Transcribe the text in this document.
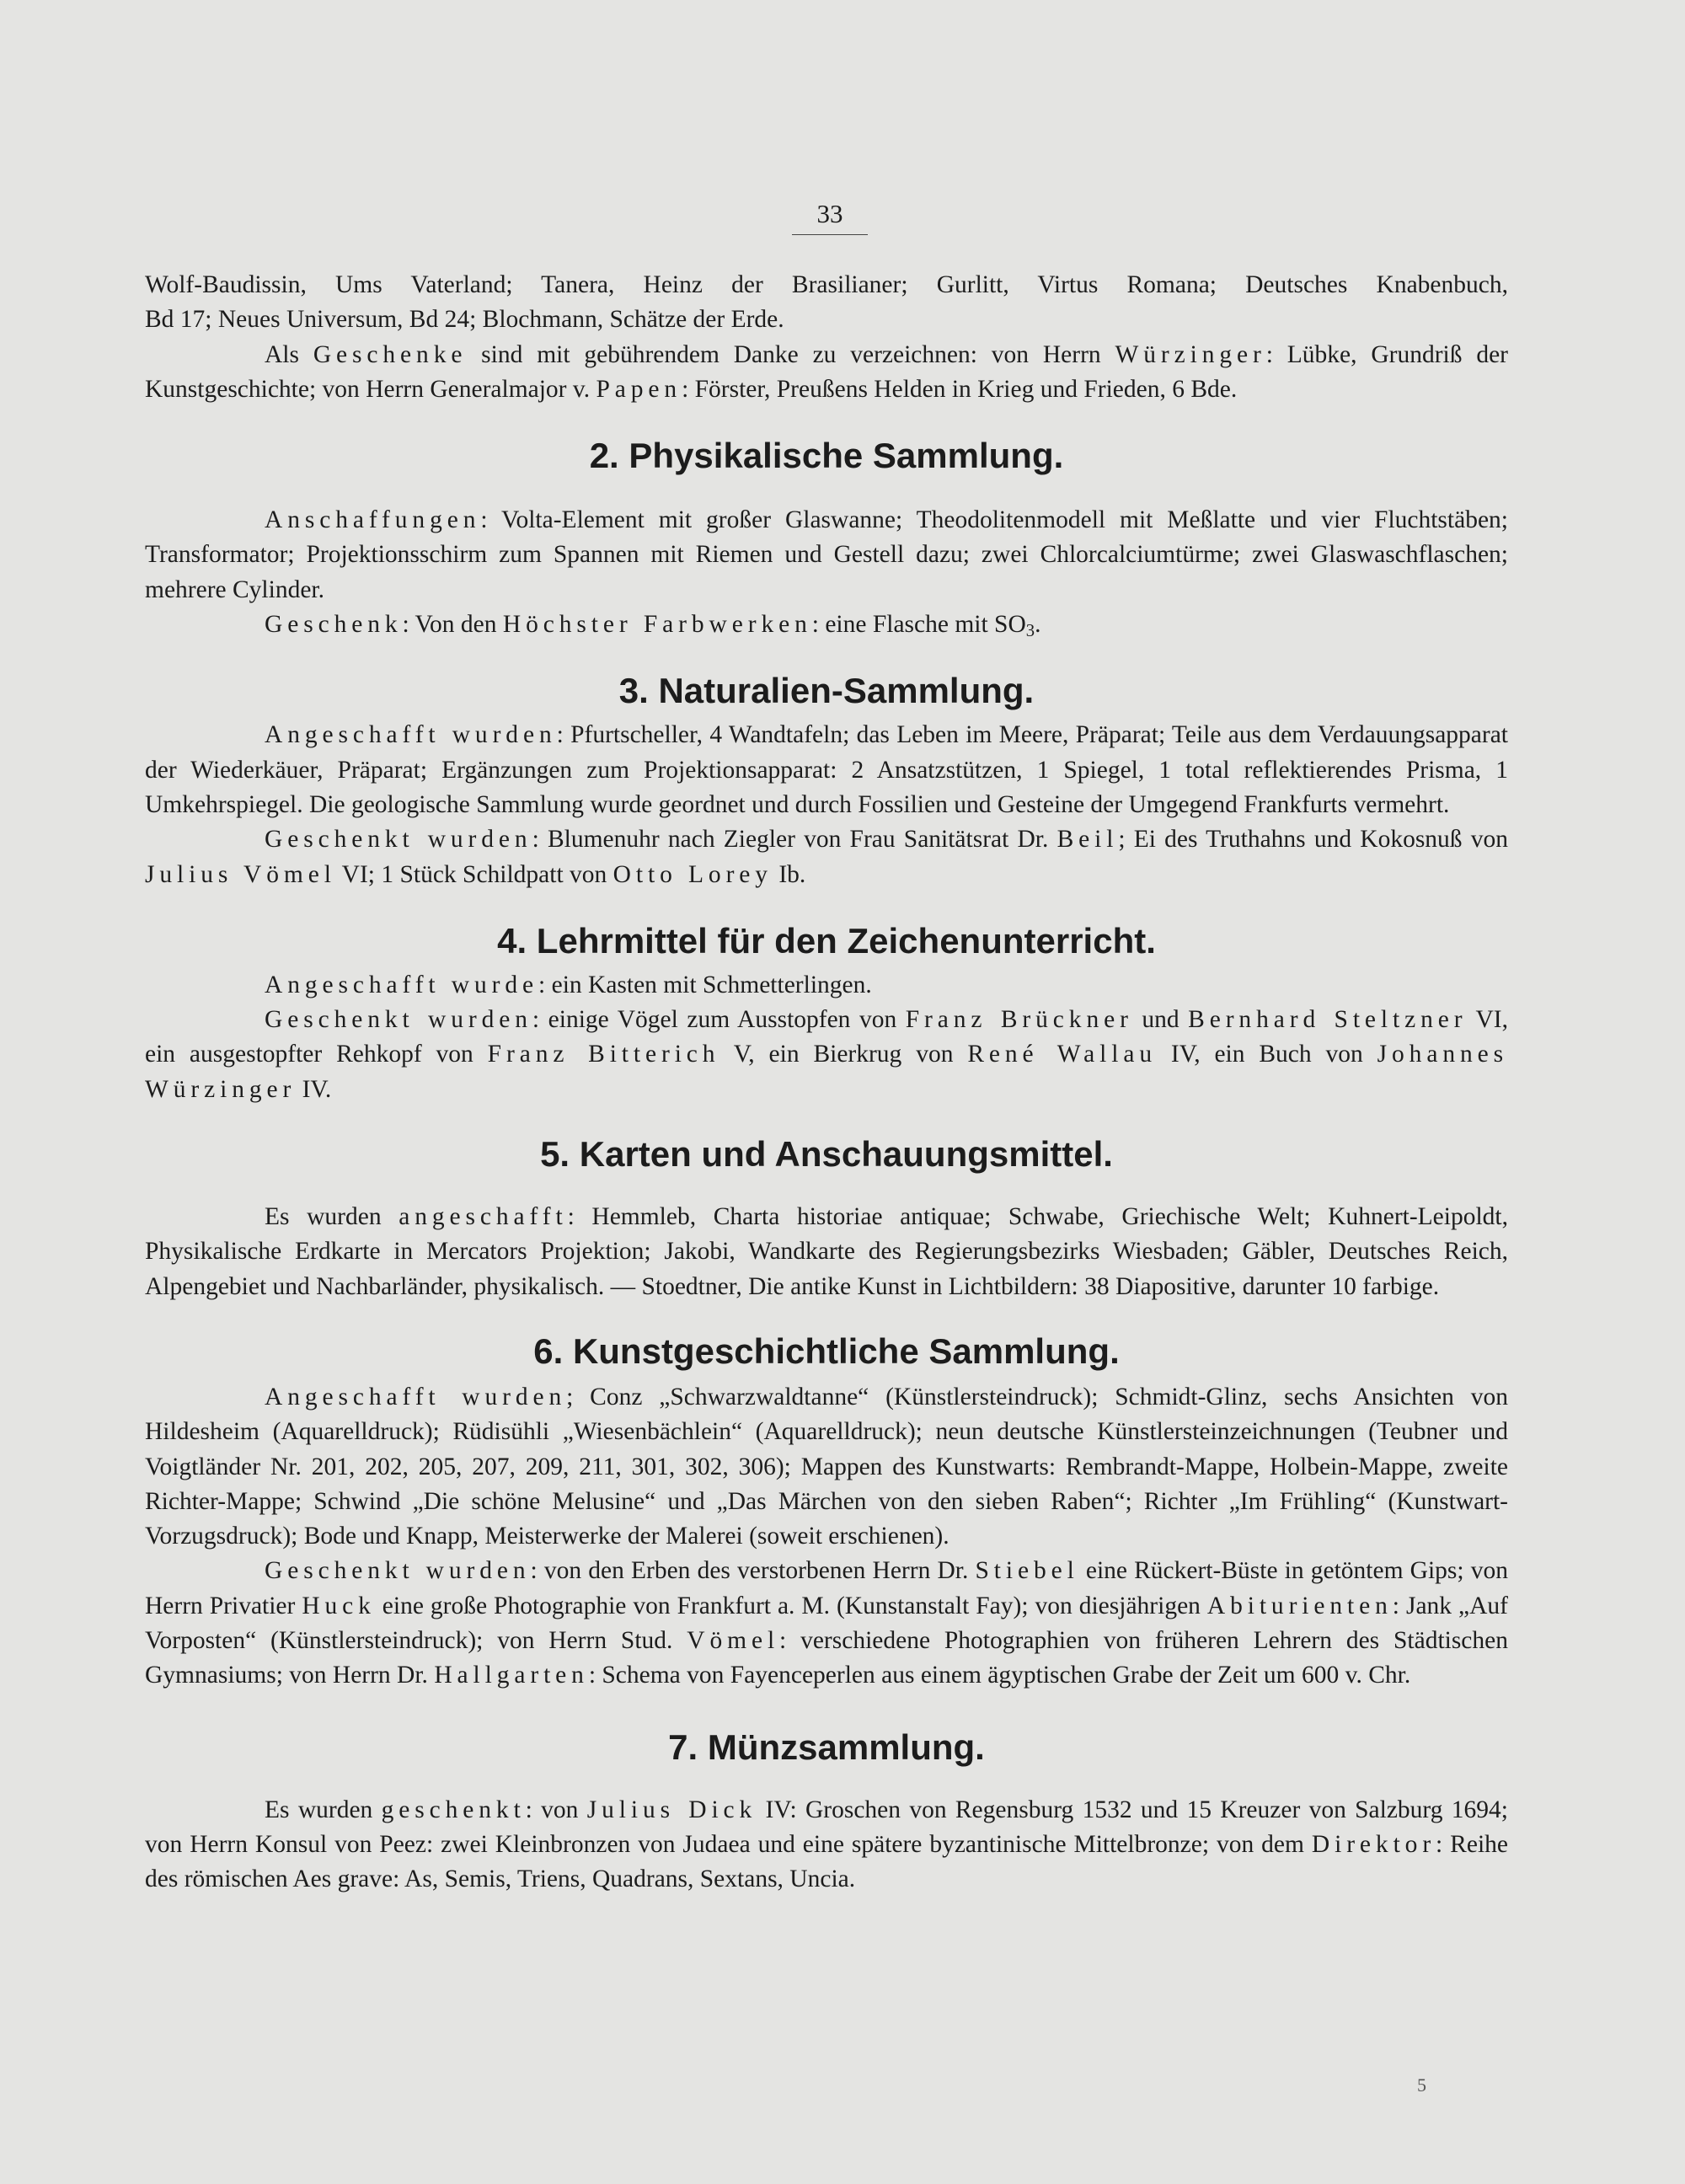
33

Wolf-Baudissin, Ums Vaterland; Tanera, Heinz der Brasilianer; Gurlitt, Virtus Romana; Deutsches Knabenbuch,

Bd 17; Neues Universum, Bd 24; Blochmann, Schätze der Erde.

Als Geschenke sind mit gebührendem Danke zu verzeichnen: von Herrn Würzinger: Lübke, Grundriß der Kunstgeschichte; von Herrn Generalmajor v. Papen: Förster, Preußens Helden in Krieg und Frieden, 6 Bde.

2. Physikalische Sammlung.

Anschaffungen: Volta-Element mit großer Glaswanne; Theodolitenmodell mit Meßlatte und vier Fluchtstäben; Transformator; Projektionsschirm zum Spannen mit Riemen und Gestell dazu; zwei Chlorcalciumtürme; zwei Glaswaschflaschen; mehrere Cylinder.

Geschenk: Von den Höchster Farbwerken: eine Flasche mit $SO_3$.

3. Naturalien-Sammlung.

Angeschafft wurden: Pfurtscheller, 4 Wandtafeln; das Leben im Meere, Präparat; Teile aus dem Verdauungsapparat der Wiederkäuer, Präparat; Ergänzungen zum Projektionsapparat: 2 Ansatzstützen, 1 Spiegel, 1 total reflektierendes Prisma, 1 Umkehrspiegel. Die geologische Sammlung wurde geordnet und durch Fossilien und Gesteine der Umgegend Frankfurts vermehrt.

Geschenkt wurden: Blumenuhr nach Ziegler von Frau Sanitätsrat Dr. Beil; Ei des Truthahns und Kokosnuß von Julius Vömel VI; 1 Stück Schildpatt von Otto Lorey Ib.

4. Lehrmittel für den Zeichenunterricht.

Angeschafft wurde: ein Kasten mit Schmetterlingen.

Geschenkt wurden: einige Vögel zum Ausstopfen von Franz Brückner und Bernhard Steltzner VI, ein ausgestopfter Rehkopf von Franz Bitterich V, ein Bierkrug von René Wallau IV, ein Buch von Johannes Würzinger IV.

5. Karten und Anschauungsmittel.

Es wurden angeschafft: Hemmleb, Charta historiae antiquae; Schwabe, Griechische Welt; Kuhnert-Leipoldt, Physikalische Erdkarte in Mercators Projektion; Jakobi, Wandkarte des Regierungsbezirks Wiesbaden; Gäbler, Deutsches Reich, Alpengebiet und Nachbarländer, physikalisch. — Stoedtner, Die antike Kunst in Lichtbildern: 38 Diapositive, darunter 10 farbige.

6. Kunstgeschichtliche Sammlung.

Angeschafft wurden; Conz „Schwarzwaldtanne“ (Künstlersteindruck); Schmidt-Glinz, sechs Ansichten von Hildesheim (Aquarelldruck); Rüdisühli „Wiesenbächlein“ (Aquarelldruck); neun deutsche Künstlersteinzeichnungen (Teubner und Voigtländer Nr. 201, 202, 205, 207, 209, 211, 301, 302, 306); Mappen des Kunstwarts: Rembrandt-Mappe, Holbein-Mappe, zweite Richter-Mappe; Schwind „Die schöne Melusine“ und „Das Märchen von den sieben Raben“; Richter „Im Frühling“ (Kunstwart-Vorzugsdruck); Bode und Knapp, Meisterwerke der Malerei (soweit erschienen).

Geschenkt wurden: von den Erben des verstorbenen Herrn Dr. Stiebel eine Rückert-Büste in getöntem Gips; von Herrn Privatier Huck eine große Photographie von Frankfurt a. M. (Kunstanstalt Fay); von diesjährigen Abiturienten: Jank „Auf Vorposten“ (Künstlersteindruck); von Herrn Stud. Vömel: verschiedene Photographien von früheren Lehrern des Städtischen Gymnasiums; von Herrn Dr. Hallgarten: Schema von Fayenceperlen aus einem ägyptischen Grabe der Zeit um 600 v. Chr.

7. Münzsammlung.

Es wurden geschenkt: von Julius Dick IV: Groschen von Regensburg 1532 und 15 Kreuzer von Salzburg 1694; von Herrn Konsul von Peez: zwei Kleinbronzen von Judaea und eine spätere byzantinische Mittelbronze; von dem Direktor: Reihe des römischen Aes grave: As, Semis, Triens, Quadrans, Sextans, Uncia.

5
